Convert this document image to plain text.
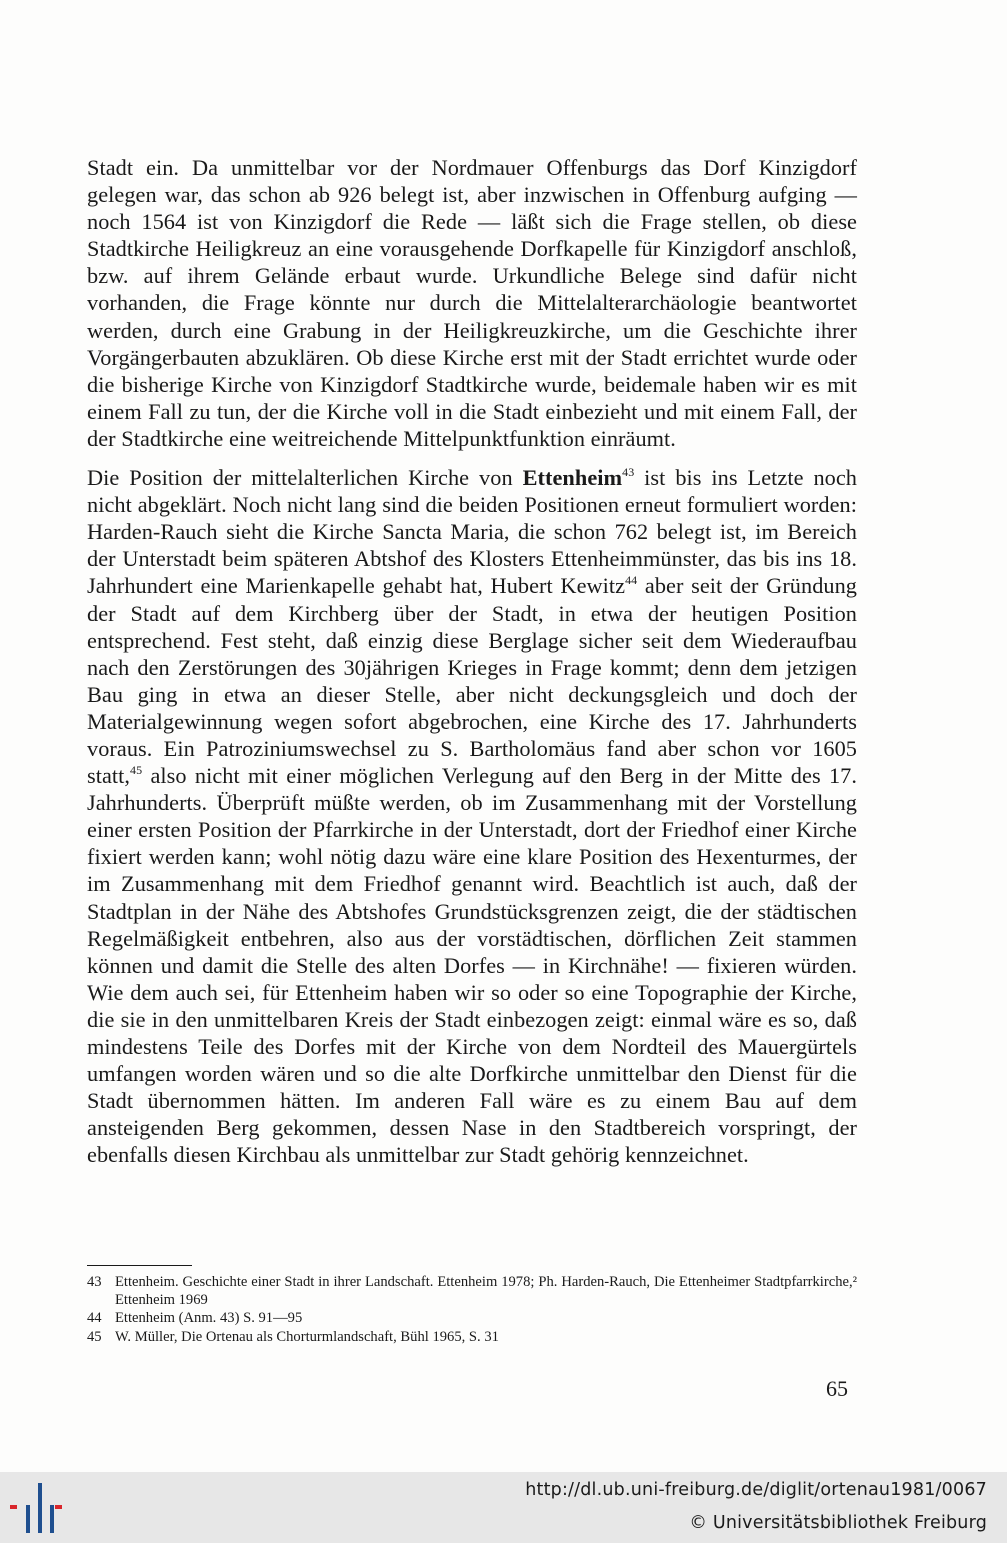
Stadt ein. Da unmittelbar vor der Nordmauer Offenburgs das Dorf Kinzigdorf gelegen war, das schon ab 926 belegt ist, aber inzwischen in Offenburg aufging — noch 1564 ist von Kinzigdorf die Rede — läßt sich die Frage stellen, ob diese Stadtkirche Heiligkreuz an eine vorausgehende Dorfkapelle für Kinzigdorf anschloß, bzw. auf ihrem Gelände erbaut wurde. Urkundliche Belege sind dafür nicht vorhanden, die Frage könnte nur durch die Mittelalterarchäologie beantwortet werden, durch eine Grabung in der Heiligkreuzkirche, um die Geschichte ihrer Vorgängerbauten abzuklären. Ob diese Kirche erst mit der Stadt errichtet wurde oder die bisherige Kirche von Kinzigdorf Stadtkirche wurde, beidemale haben wir es mit einem Fall zu tun, der die Kirche voll in die Stadt einbezieht und mit einem Fall, der der Stadtkirche eine weitreichende Mittelpunktfunktion einräumt.

Die Position der mittelalterlichen Kirche von Ettenheim$^{43}$ ist bis ins Letzte noch nicht abgeklärt. Noch nicht lang sind die beiden Positionen erneut formuliert worden: Harden-Rauch sieht die Kirche Sancta Maria, die schon 762 belegt ist, im Bereich der Unterstadt beim späteren Abtshof des Klosters Ettenheimmünster, das bis ins 18. Jahrhundert eine Marienkapelle gehabt hat, Hubert Kewitz$^{44}$ aber seit der Gründung der Stadt auf dem Kirchberg über der Stadt, in etwa der heutigen Position entsprechend. Fest steht, daß einzig diese Berglage sicher seit dem Wiederaufbau nach den Zerstörungen des 30jährigen Krieges in Frage kommt; denn dem jetzigen Bau ging in etwa an dieser Stelle, aber nicht deckungsgleich und doch der Materialgewinnung wegen sofort abgebrochen, eine Kirche des 17. Jahrhunderts voraus. Ein Patroziniumswechsel zu S. Bartholomäus fand aber schon vor 1605 statt,$^{45}$ also nicht mit einer möglichen Verlegung auf den Berg in der Mitte des 17. Jahrhunderts. Überprüft müßte werden, ob im Zusammenhang mit der Vorstellung einer ersten Position der Pfarrkirche in der Unterstadt, dort der Friedhof einer Kirche fixiert werden kann; wohl nötig dazu wäre eine klare Position des Hexenturmes, der im Zusammenhang mit dem Friedhof genannt wird. Beachtlich ist auch, daß der Stadtplan in der Nähe des Abtshofes Grundstücksgrenzen zeigt, die der städtischen Regelmäßigkeit entbehren, also aus der vorstädtischen, dörflichen Zeit stammen können und damit die Stelle des alten Dorfes — in Kirchnähe! — fixieren würden. Wie dem auch sei, für Ettenheim haben wir so oder so eine Topographie der Kirche, die sie in den unmittelbaren Kreis der Stadt einbezogen zeigt: einmal wäre es so, daß mindestens Teile des Dorfes mit der Kirche von dem Nordteil des Mauergürtels umfangen worden wären und so die alte Dorfkirche unmittelbar den Dienst für die Stadt übernommen hätten. Im anderen Fall wäre es zu einem Bau auf dem ansteigenden Berg gekommen, dessen Nase in den Stadtbereich vorspringt, der ebenfalls diesen Kirchbau als unmittelbar zur Stadt gehörig kennzeichnet.

43 Ettenheim. Geschichte einer Stadt in ihrer Landschaft. Ettenheim 1978; Ph. Harden-Rauch, Die Ettenheimer Stadtpfarrkirche,² Ettenheim 1969
44 Ettenheim (Anm. 43) S. 91—95
45 W. Müller, Die Ortenau als Chorturmlandschaft, Bühl 1965, S. 31
65
http://dl.ub.uni-freiburg.de/diglit/ortenau1981/0067
© Universitätsbibliothek Freiburg
